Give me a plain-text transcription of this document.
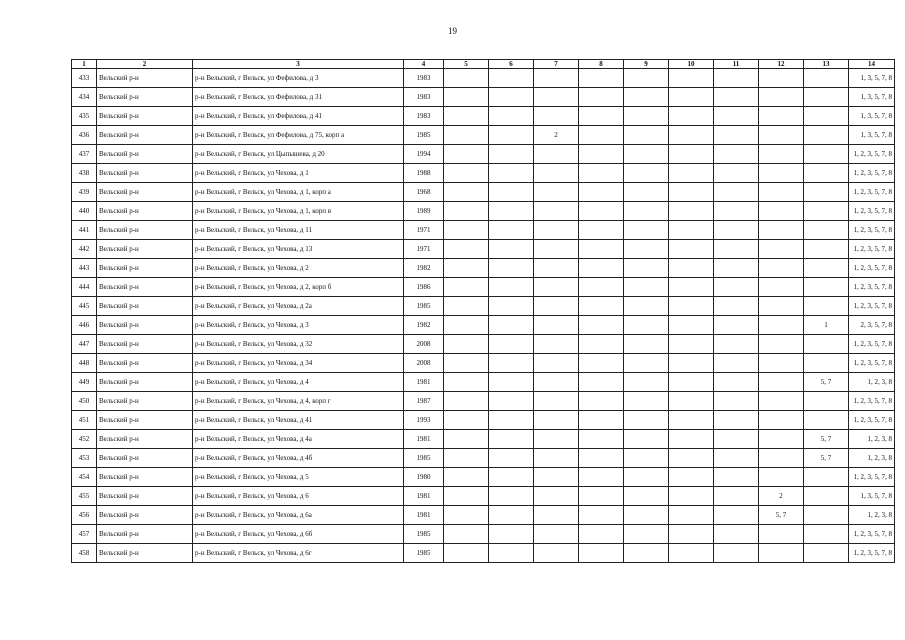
19
1	2	3	4	5	6	7	8	9	10	11	12	13	14
433	Вельский р-н	р-н Вельский, г Вельск, ул Фефилова, д 3	1983										1, 3, 5, 7, 8
434	Вельский р-н	р-н Вельский, г Вельск, ул Фефилова, д 31	1983										1, 3, 5, 7, 8
435	Вельский р-н	р-н Вельский, г Вельск, ул Фефилова, д 41	1983										1, 3, 5, 7, 8
436	Вельский р-н	р-н Вельский, г Вельск, ул Фефилова, д 75, корп а	1985			2							1, 3, 5, 7, 8
437	Вельский р-н	р-н Вельский, г Вельск, ул Цыпышева, д 20	1994										1, 2, 3, 5, 7, 8
438	Вельский р-н	р-н Вельский, г Вельск, ул Чехова, д 1	1988										1, 2, 3, 5, 7, 8
439	Вельский р-н	р-н Вельский, г Вельск, ул Чехова, д 1, корп а	1968										1, 2, 3, 5, 7, 8
440	Вельский р-н	р-н Вельский, г Вельск, ул Чехова, д 1, корп в	1989										1, 2, 3, 5, 7, 8
441	Вельский р-н	р-н Вельский, г Вельск, ул Чехова, д 11	1971										1, 2, 3, 5, 7, 8
442	Вельский р-н	р-н Вельский, г Вельск, ул Чехова, д 13	1971										1, 2, 3, 5, 7, 8
443	Вельский р-н	р-н Вельский, г Вельск, ул Чехова, д 2	1982										1, 2, 3, 5, 7, 8
444	Вельский р-н	р-н Вельский, г Вельск, ул Чехова, д 2, корп б	1986										1, 2, 3, 5, 7, 8
445	Вельский р-н	р-н Вельский, г Вельск, ул Чехова, д 2а	1985										1, 2, 3, 5, 7, 8
446	Вельский р-н	р-н Вельский, г Вельск, ул Чехова, д 3	1982									1	2, 3, 5, 7, 8
447	Вельский р-н	р-н Вельский, г Вельск, ул Чехова, д 32	2008										1, 2, 3, 5, 7, 8
448	Вельский р-н	р-н Вельский, г Вельск, ул Чехова, д 34	2008										1, 2, 3, 5, 7, 8
449	Вельский р-н	р-н Вельский, г Вельск, ул Чехова, д 4	1981									5, 7	1, 2, 3, 8
450	Вельский р-н	р-н Вельский, г Вельск, ул Чехова, д 4, корп г	1987										1, 2, 3, 5, 7, 8
451	Вельский р-н	р-н Вельский, г Вельск, ул Чехова, д 41	1993										1, 2, 3, 5, 7, 8
452	Вельский р-н	р-н Вельский, г Вельск, ул Чехова, д 4а	1981									5, 7	1, 2, 3, 8
453	Вельский р-н	р-н Вельский, г Вельск, ул Чехова, д 4б	1985									5, 7	1, 2, 3, 8
454	Вельский р-н	р-н Вельский, г Вельск, ул Чехова, д 5	1980										1, 2, 3, 5, 7, 8
455	Вельский р-н	р-н Вельский, г Вельск, ул Чехова, д 6	1981								2		1, 3, 5, 7, 8
456	Вельский р-н	р-н Вельский, г Вельск, ул Чехова, д 6а	1981								5, 7		1, 2, 3, 8
457	Вельский р-н	р-н Вельский, г Вельск, ул Чехова, д 6б	1985										1, 2, 3, 5, 7, 8
458	Вельский р-н	р-н Вельский, г Вельск, ул Чехова, д 6г	1985										1, 2, 3, 5, 7, 8
